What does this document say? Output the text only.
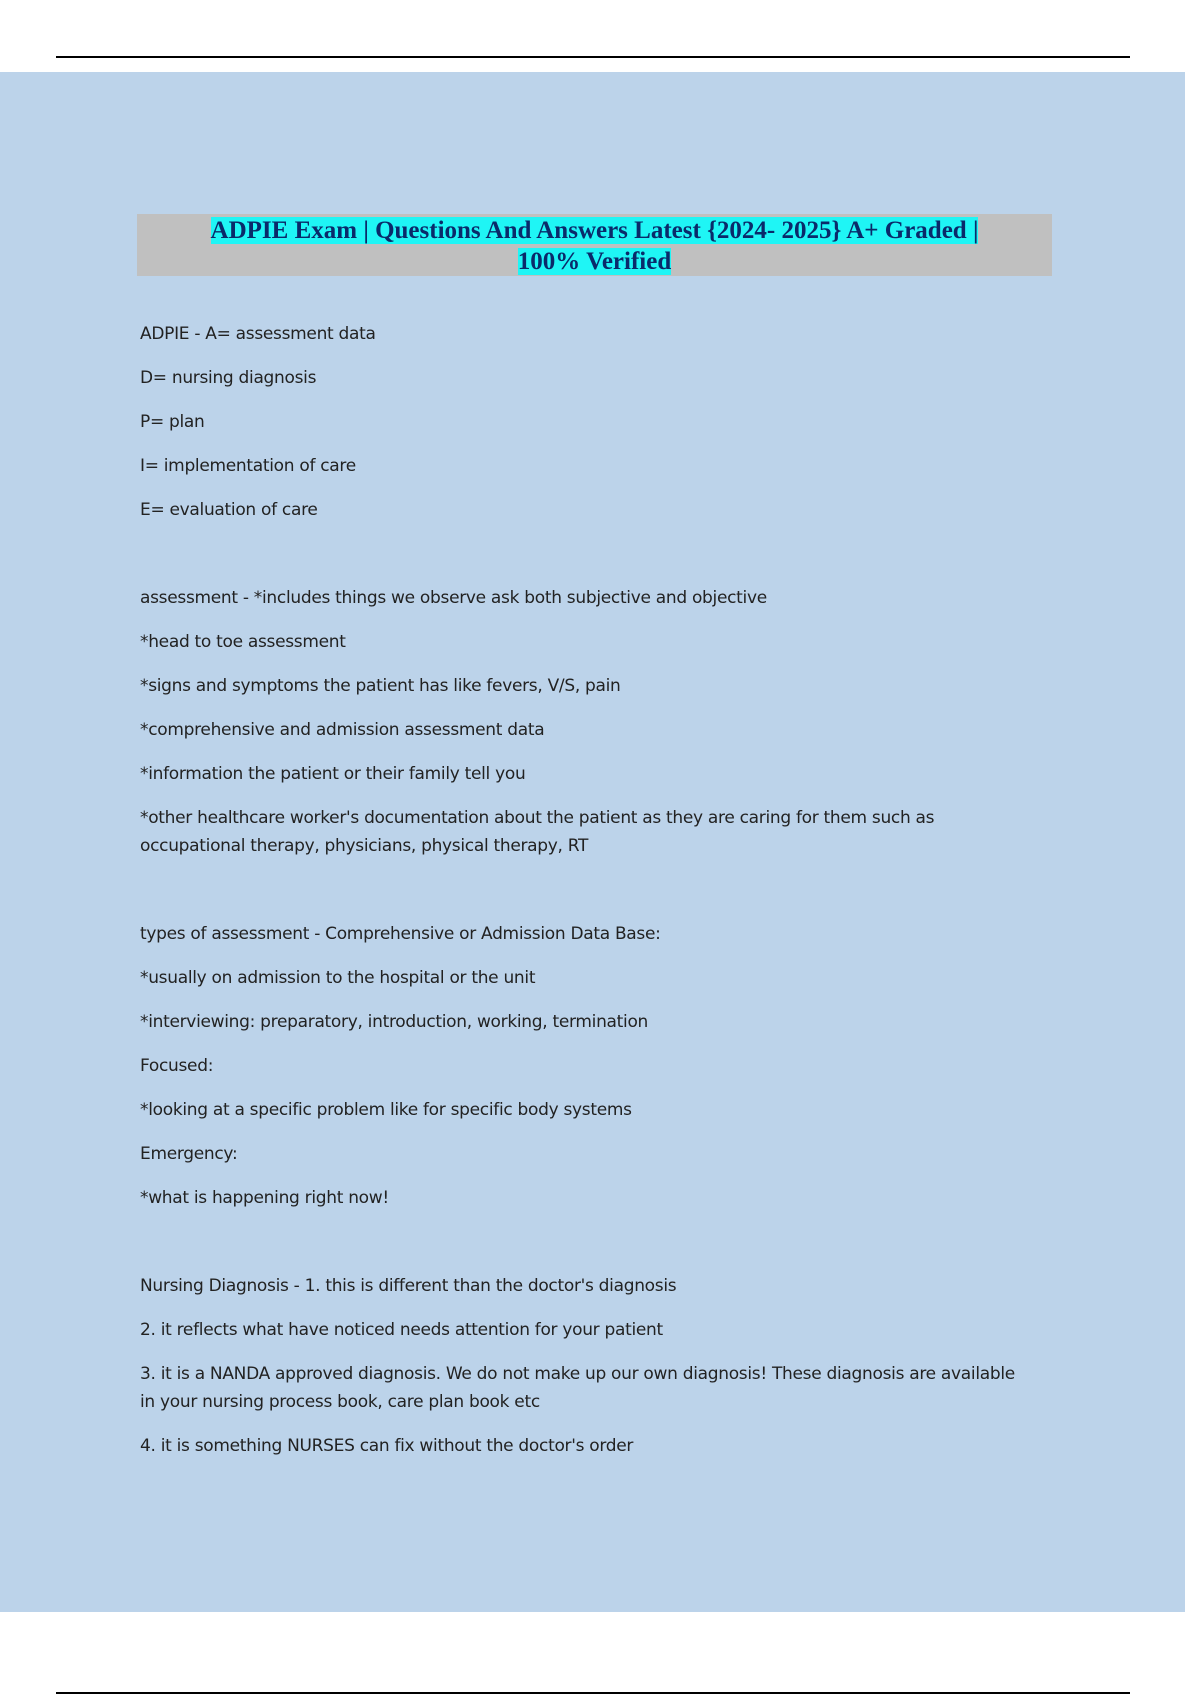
ADPIE Exam | Questions And Answers Latest {2024- 2025} A+ Graded |
100% Verified

ADPIE - A= assessment data

D= nursing diagnosis

P= plan

I= implementation of care

E= evaluation of care

assessment - *includes things we observe ask both subjective and objective

*head to toe assessment

*signs and symptoms the patient has like fevers, V/S, pain

*comprehensive and admission assessment data

*information the patient or their family tell you

*other healthcare worker's documentation about the patient as they are caring for them such as occupational therapy, physicians, physical therapy, RT

types of assessment - Comprehensive or Admission Data Base:

*usually on admission to the hospital or the unit

*interviewing: preparatory, introduction, working, termination

Focused:

*looking at a specific problem like for specific body systems

Emergency:

*what is happening right now!

Nursing Diagnosis - 1. this is different than the doctor's diagnosis

2. it reflects what have noticed needs attention for your patient

3. it is a NANDA approved diagnosis. We do not make up our own diagnosis! These diagnosis are available in your nursing process book, care plan book etc

4. it is something NURSES can fix without the doctor's order
